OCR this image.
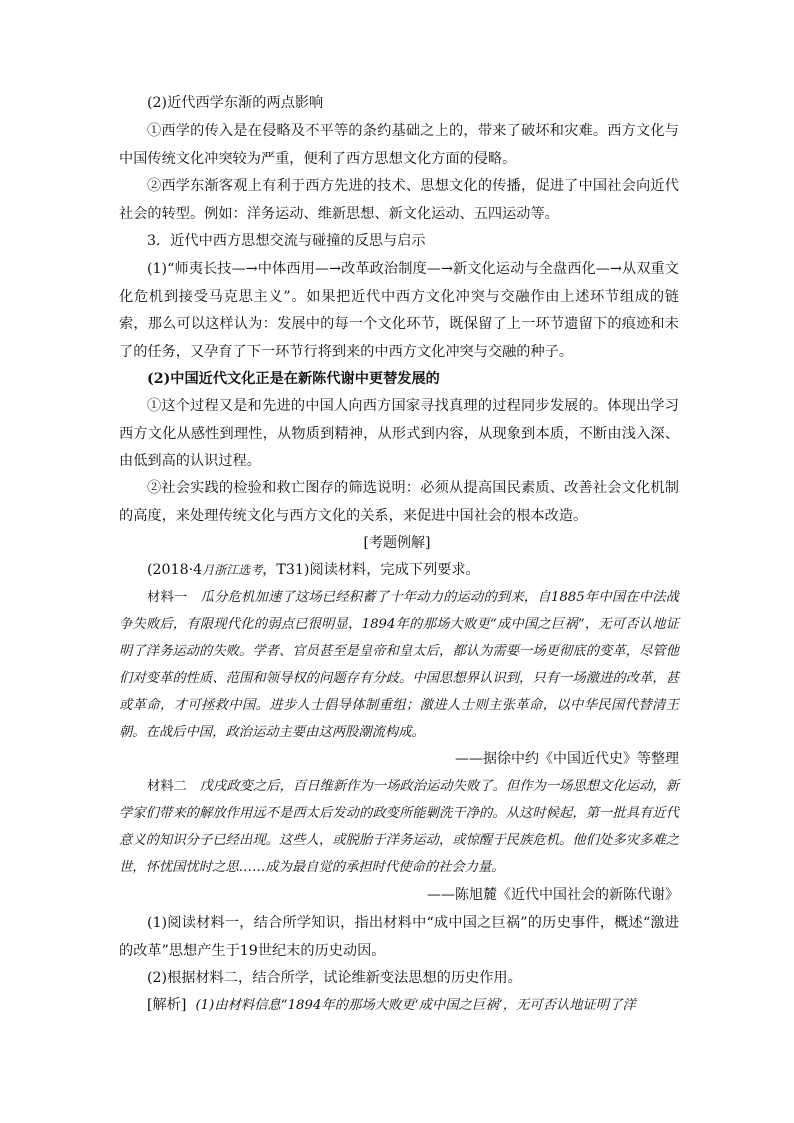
(2)近代西学东渐的两点影响

①西学的传入是在侵略及不平等的条约基础之上的，带来了破坏和灾难。西方文化与中国传统文化冲突较为严重，便利了西方思想文化方面的侵略。

②西学东渐客观上有利于西方先进的技术、思想文化的传播，促进了中国社会向近代社会的转型。例如：洋务运动、维新思想、新文化运动、五四运动等。

3．近代中西方思想交流与碰撞的反思与启示

(1)“师夷长技—→中体西用—→改革政治制度—→新文化运动与全盘西化—→从双重文化危机到接受马克思主义”。如果把近代中西方文化冲突与交融作由上述环节组成的链索，那么可以这样认为：发展中的每一个文化环节，既保留了上一环节遗留下的痕迹和未了的任务，又孕育了下一环节行将到来的中西方文化冲突与交融的种子。

(2)中国近代文化正是在新陈代谢中更替发展的

①这个过程又是和先进的中国人向西方国家寻找真理的过程同步发展的。体现出学习西方文化从感性到理性，从物质到精神，从形式到内容，从现象到本质，不断由浅入深、由低到高的认识过程。

②社会实践的检验和救亡图存的筛选说明：必须从提高国民素质、改善社会文化机制的高度，来处理传统文化与西方文化的关系，来促进中国社会的根本改造。

[考题例解]

(2018·4月浙江选考，T31)阅读材料，完成下列要求。

材料一 瓜分危机加速了这场已经积蓄了十年动力的运动的到来，自1885年中国在中法战争失败后，有限现代化的弱点已很明显，1894年的那场大败更“成中国之巨祸”，无可否认地证明了洋务运动的失败。学者、官员甚至是皇帝和皇太后，都认为需要一场更彻底的变革，尽管他们对变革的性质、范围和领导权的问题存有分歧。中国思想界认识到，只有一场激进的改革，甚或革命，才可拯救中国。进步人士倡导体制重组；激进人士则主张革命，以中华民国代替清王朝。在战后中国，政治运动主要由这两股潮流构成。

——据徐中约《中国近代史》等整理

材料二 戊戌政变之后，百日维新作为一场政治运动失败了。但作为一场思想文化运动，新学家们带来的解放作用远不是西太后发动的政变所能剿洗干净的。从这时候起，第一批具有近代意义的知识分子已经出现。这些人，或脱胎于洋务运动，或惊醒于民族危机。他们处多灾多难之世，怀忧国忧时之思……成为最自觉的承担时代使命的社会力量。

——陈旭麓《近代中国社会的新陈代谢》

(1)阅读材料一，结合所学知识，指出材料中“成中国之巨祸”的历史事件，概述“激进的改革”思想产生于19世纪末的历史动因。

(2)根据材料二，结合所学，试论维新变法思想的历史作用。

[解析] (1)由材料信息“1894年的那场大败更‘成中国之巨祸’，无可否认地证明了洋
